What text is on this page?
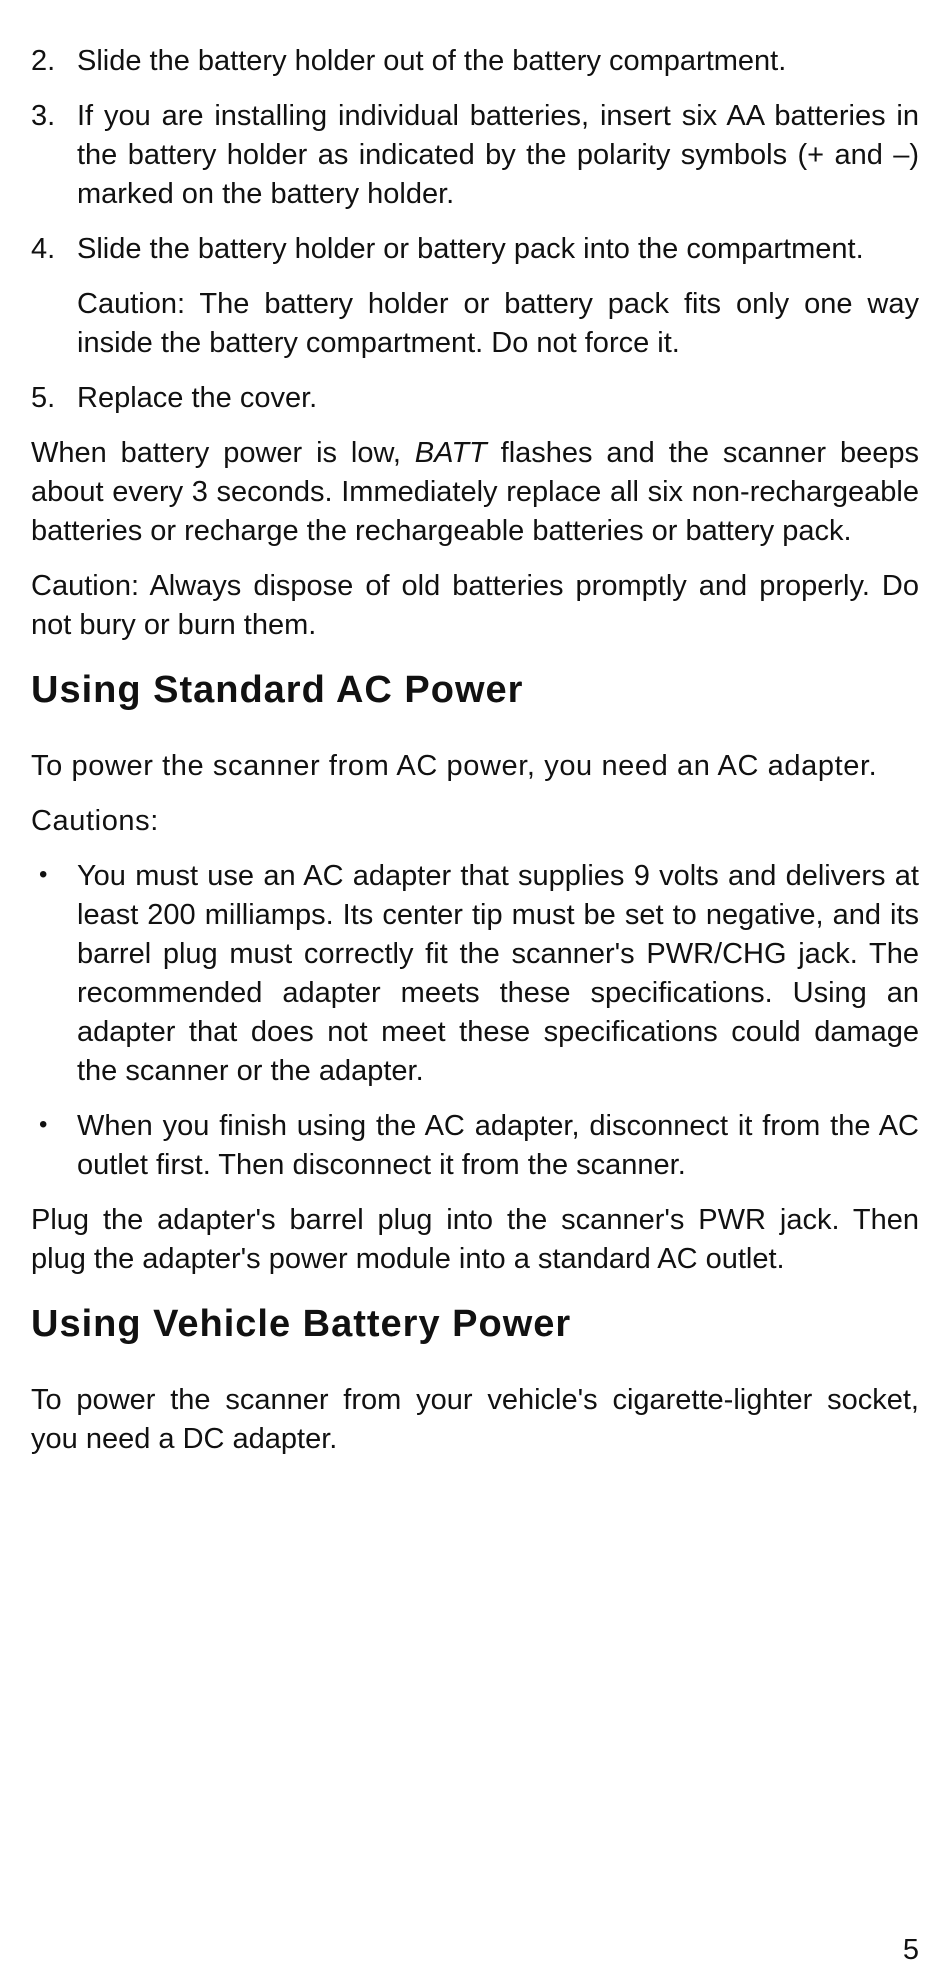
2. Slide the battery holder out of the battery compartment.
3. If you are installing individual batteries, insert six AA batteries in the battery holder as indicated by the polarity symbols (+ and –) marked on the battery holder.
4. Slide the battery holder or battery pack into the compartment.
Caution: The battery holder or battery pack fits only one way inside the battery compartment. Do not force it.
5. Replace the cover.

When battery power is low, BATT flashes and the scanner beeps about every 3 seconds. Immediately replace all six non-rechargeable batteries or recharge the rechargeable batteries or battery pack.

Caution: Always dispose of old batteries promptly and properly. Do not bury or burn them.

Using Standard AC Power

To power the scanner from AC power, you need an AC adapter.

Cautions:

• You must use an AC adapter that supplies 9 volts and delivers at least 200 milliamps. Its center tip must be set to negative, and its barrel plug must correctly fit the scanner's PWR/CHG jack. The recommended adapter meets these specifications. Using an adapter that does not meet these specifications could damage the scanner or the adapter.
• When you finish using the AC adapter, disconnect it from the AC outlet first. Then disconnect it from the scanner.

Plug the adapter's barrel plug into the scanner's PWR jack. Then plug the adapter's power module into a standard AC outlet.

Using Vehicle Battery Power

To power the scanner from your vehicle's cigarette-lighter socket, you need a DC adapter.

5
